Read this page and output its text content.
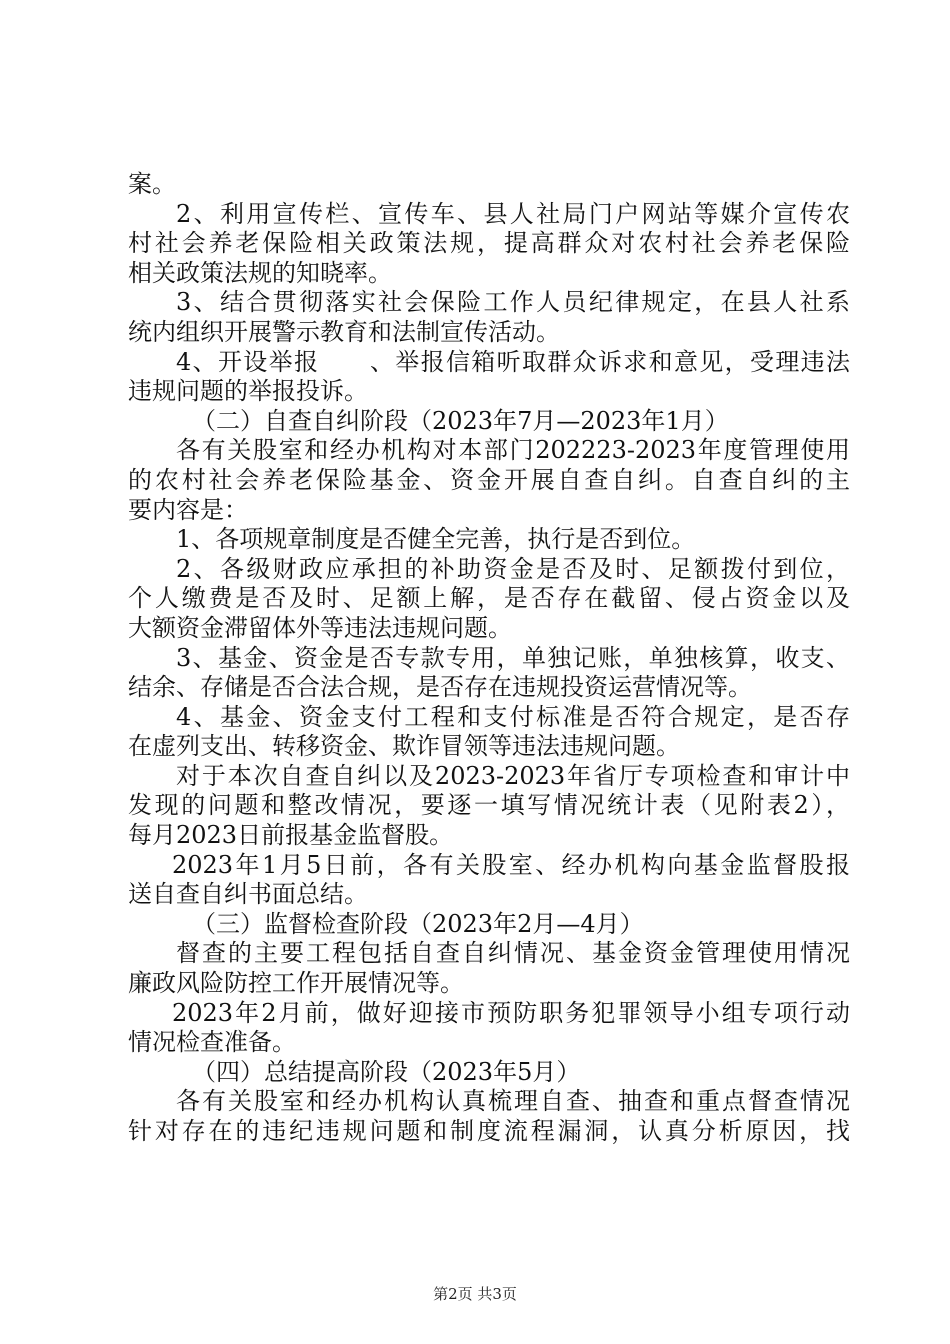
案。
2、利用宣传栏、宣传车、县人社局门户网站等媒介宣传农
村社会养老保险相关政策法规，提高群众对农村社会养老保险
相关政策法规的知晓率。
3、结合贯彻落实社会保险工作人员纪律规定，在县人社系
统内组织开展警示教育和法制宣传活动。
4、开设举报　　、举报信箱听取群众诉求和意见，受理违法
违规问题的举报投诉。
（二）自查自纠阶段（2023年7月—2023年1月）
各有关股室和经办机构对本部门202223-2023年度管理使用
的农村社会养老保险基金、资金开展自查自纠。自查自纠的主
要内容是：
1、各项规章制度是否健全完善，执行是否到位。
2、各级财政应承担的补助资金是否及时、足额拨付到位，
个人缴费是否及时、足额上解，是否存在截留、侵占资金以及
大额资金滞留体外等违法违规问题。
3、基金、资金是否专款专用，单独记账，单独核算，收支、
结余、存储是否合法合规，是否存在违规投资运营情况等。
4、基金、资金支付工程和支付标准是否符合规定，是否存
在虚列支出、转移资金、欺诈冒领等违法违规问题。
对于本次自查自纠以及2023-2023年省厅专项检查和审计中
发现的问题和整改情况，要逐一填写情况统计表（见附表2），
每月2023日前报基金监督股。
2023年1月5日前，各有关股室、经办机构向基金监督股报
送自查自纠书面总结。
（三）监督检查阶段（2023年2月—4月）
督查的主要工程包括自查自纠情况、基金资金管理使用情况
廉政风险防控工作开展情况等。
2023年2月前，做好迎接市预防职务犯罪领导小组专项行动
情况检查准备。
（四）总结提高阶段（2023年5月）
各有关股室和经办机构认真梳理自查、抽查和重点督查情况
针对存在的违纪违规问题和制度流程漏洞，认真分析原因，找
第2页 共3页
